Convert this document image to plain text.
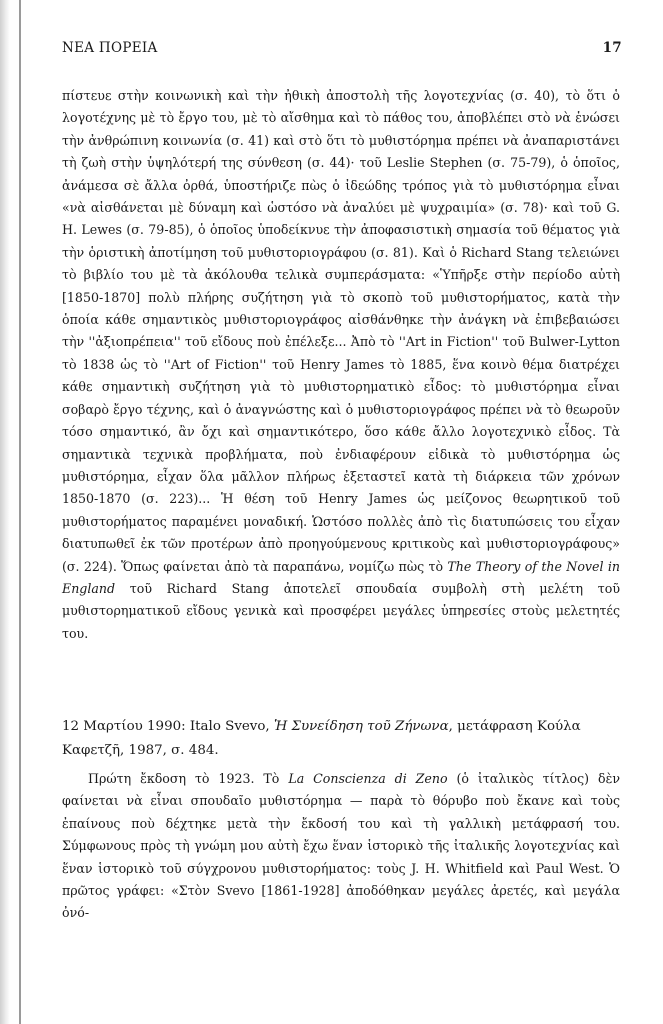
ΝΕΑ ΠΟΡΕΙΑ	17

πίστευε στὴν κοινωνικὴ καὶ τὴν ἠθικὴ ἀποστολὴ τῆς λογοτεχνίας (σ. 40), τὸ ὅτι ὁ λογοτέχνης μὲ τὸ ἔργο του, μὲ τὸ αἴσθημα καὶ τὸ πάθος του, ἀποβλέπει στὸ νὰ ἑνώσει τὴν ἀνθρώπινη κοινωνία (σ. 41) καὶ στὸ ὅτι τὸ μυθιστόρημα πρέπει νὰ ἀναπαριστάνει τὴ ζωὴ στὴν ὑψηλότερή της σύνθεση (σ. 44)· τοῦ Leslie Stephen (σ. 75-79), ὁ ὁποῖος, ἀνάμεσα σὲ ἄλλα ὀρθά, ὑποστήριζε πὼς ὁ ἰδεώδης τρόπος γιὰ τὸ μυθιστόρημα εἶναι «νὰ αἰσθάνεται μὲ δύναμη καὶ ὡστόσο νὰ ἀναλύει μὲ ψυχραιμία» (σ. 78)· καὶ τοῦ G. H. Lewes (σ. 79-85), ὁ ὁποῖος ὑποδείκνυε τὴν ἀποφασιστικὴ σημασία τοῦ θέματος γιὰ τὴν ὁριστικὴ ἀποτίμηση τοῦ μυθιστοριογράφου (σ. 81). Καὶ ὁ Richard Stang τελειώνει τὸ βιβλίο του μὲ τὰ ἀκόλουθα τελικὰ συμπεράσματα: «Ὑπῆρξε στὴν περίοδο αὐτὴ [1850-1870] πολὺ πλήρης συζήτηση γιὰ τὸ σκοπὸ τοῦ μυθιστορήματος, κατὰ τὴν ὁποία κάθε σημαντικὸς μυθιστοριογράφος αἰσθάνθηκε τὴν ἀνάγκη νὰ ἐπιβεβαιώσει τὴν ''ἀξιοπρέπεια'' τοῦ εἴδους ποὺ ἐπέλεξε... Ἀπὸ τὸ ''Art in Fiction'' τοῦ Bulwer-Lytton τὸ 1838 ὡς τὸ ''Art of Fiction'' τοῦ Henry James τὸ 1885, ἕνα κοινὸ θέμα διατρέχει κάθε σημαντικὴ συζήτηση γιὰ τὸ μυθιστορηματικὸ εἶδος: τὸ μυθιστόρημα εἶναι σοβαρὸ ἔργο τέχνης, καὶ ὁ ἀναγνώστης καὶ ὁ μυθιστοριογράφος πρέπει νὰ τὸ θεωροῦν τόσο σημαντικό, ἂν ὄχι καὶ σημαντικότερο, ὅσο κάθε ἄλλο λογοτεχνικὸ εἶδος. Τὰ σημαντικὰ τεχνικὰ προβλήματα, ποὺ ἐνδιαφέρουν εἰδικὰ τὸ μυθιστόρημα ὡς μυθιστόρημα, εἶχαν ὅλα μᾶλλον πλήρως ἐξεταστεῖ κατὰ τὴ διάρκεια τῶν χρόνων 1850-1870 (σ. 223)... Ἡ θέση τοῦ Henry James ὡς μείζονος θεωρητικοῦ τοῦ μυθιστορήματος παραμένει μοναδική. Ὡστόσο πολλὲς ἀπὸ τὶς διατυπώσεις του εἶχαν διατυπωθεῖ ἐκ τῶν προτέρων ἀπὸ προηγούμενους κριτικοὺς καὶ μυθιστοριογράφους» (σ. 224). Ὅπως φαίνεται ἀπὸ τὰ παραπάνω, νομίζω πὼς τὸ The Theory of the Novel in England τοῦ Richard Stang ἀποτελεῖ σπουδαία συμβολὴ στὴ μελέτη τοῦ μυθιστορηματικοῦ εἴδους γενικὰ καὶ προσφέρει μεγάλες ὑπηρεσίες στοὺς μελετητές του.

12 Μαρτίου 1990: Italo Svevo, Ἡ Συνείδηση τοῦ Ζήνωνα, μετάφραση Κούλα Καφετζῆ, 1987, σ. 484.

Πρώτη ἔκδοση τὸ 1923. Τὸ La Conscienza di Zeno (ὁ ἰταλικὸς τίτλος) δὲν φαίνεται νὰ εἶναι σπουδαῖο μυθιστόρημα — παρὰ τὸ θόρυβο ποὺ ἔκανε καὶ τοὺς ἐπαίνους ποὺ δέχτηκε μετὰ τὴν ἔκδοσή του καὶ τὴ γαλλικὴ μετάφρασή του. Σύμφωνους πρὸς τὴ γνώμη μου αὐτὴ ἔχω ἕναν ἱστορικὸ τῆς ἰταλικῆς λογοτεχνίας καὶ ἕναν ἱστορικὸ τοῦ σύγχρονου μυθιστορήματος: τοὺς J. H. Whitfield καὶ Paul West. Ὁ πρῶτος γράφει: «Στὸν Svevo [1861-1928] ἀποδόθηκαν μεγάλες ἀρετές, καὶ μεγάλα ὀνό-
